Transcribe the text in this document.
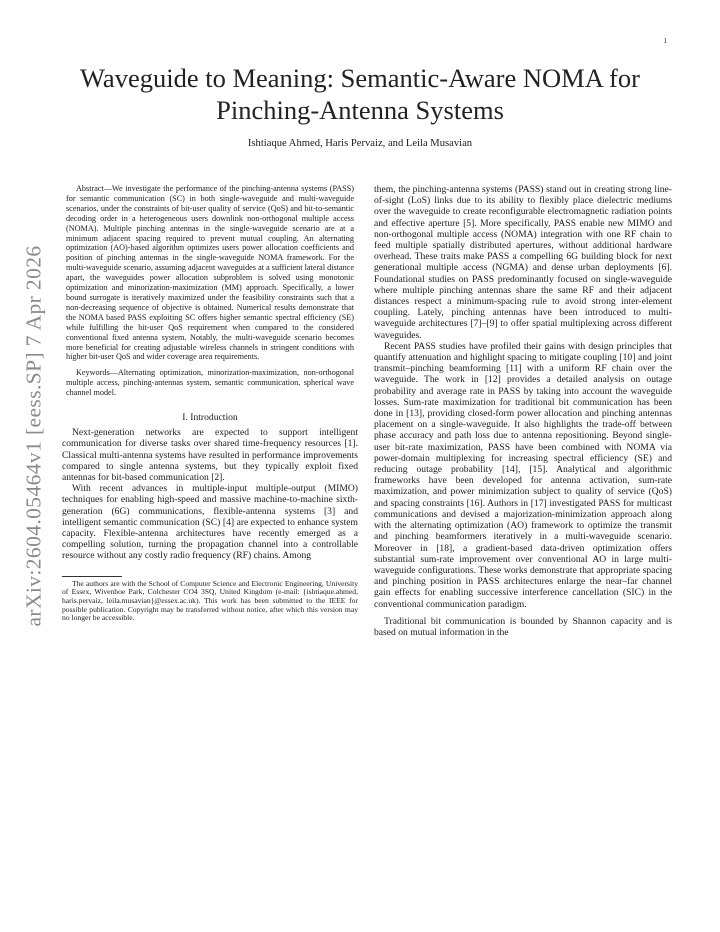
1
arXiv:2604.05464v1 [eess.SP] 7 Apr 2026
Waveguide to Meaning: Semantic-Aware NOMA for Pinching-Antenna Systems
Ishtiaque Ahmed, Haris Pervaiz, and Leila Musavian

Abstract—We investigate the performance of the pinching-antenna systems (PASS) for semantic communication (SC) in both single-waveguide and multi-waveguide scenarios, under the constraints of bit-user quality of service (QoS) and bit-to-semantic decoding order in a heterogeneous users downlink non-orthogonal multiple access (NOMA). Multiple pinching antennas in the single-waveguide scenario are at a minimum adjacent spacing required to prevent mutual coupling. An alternating optimization (AO)-based algorithm optimizes users power allocation coefficients and position of pinching antennas in the single-waveguide NOMA framework. For the multi-waveguide scenario, assuming adjacent waveguides at a sufficient lateral distance apart, the waveguides power allocation subproblem is solved using monotonic optimization and minorization-maximization (MM) approach. Specifically, a lower bound surrogate is iteratively maximized under the feasibility constraints such that a non-decreasing sequence of objective is obtained. Numerical results demonstrate that the NOMA based PASS exploiting SC offers higher semantic spectral efficiency (SE) while fulfilling the bit-user QoS requirement when compared to the considered conventional fixed antenna system. Notably, the multi-waveguide scenario becomes more beneficial for creating adjustable wireless channels in stringent conditions with higher bit-user QoS and wider coverage area requirements.

Keywords—Alternating optimization, minorization-maximization, non-orthogonal multiple access, pinching-antennas system, semantic communication, spherical wave channel model.

I. Introduction

Next-generation networks are expected to support intelligent communication for diverse tasks over shared time-frequency resources [1]. Classical multi-antenna systems have resulted in performance improvements compared to single antenna systems, but they typically exploit fixed antennas for bit-based communication [2].

With recent advances in multiple-input multiple-output (MIMO) techniques for enabling high-speed and massive machine-to-machine sixth-generation (6G) communications, flexible-antenna systems [3] and intelligent semantic communication (SC) [4] are expected to enhance system capacity. Flexible-antenna architectures have recently emerged as a compelling solution, turning the propagation channel into a controllable resource without any costly radio frequency (RF) chains. Among

The authors are with the School of Computer Science and Electronic Engineering, University of Essex, Wivenhoe Park, Colchester CO4 3SQ, United Kingdom (e-mail: {ishtiaque.ahmed, haris.pervaiz, leila.musavian}@essex.ac.uk). This work has been submitted to the IEEE for possible publication. Copyright may be transferred without notice, after which this version may no longer be accessible.

them, the pinching-antenna systems (PASS) stand out in creating strong line-of-sight (LoS) links due to its ability to flexibly place dielectric mediums over the waveguide to create reconfigurable electromagnetic radiation points and effective aperture [5]. More specifically, PASS enable new MIMO and non-orthogonal multiple access (NOMA) integration with one RF chain to feed multiple spatially distributed apertures, without additional hardware overhead. These traits make PASS a compelling 6G building block for next generational multiple access (NGMA) and dense urban deployments [6]. Foundational studies on PASS predominantly focused on single-waveguide where multiple pinching antennas share the same RF and their adjacent distances respect a minimum-spacing rule to avoid strong inter-element coupling. Lately, pinching antennas have been introduced to multi-waveguide architectures [7]–[9] to offer spatial multiplexing across different waveguides.

Recent PASS studies have profiled their gains with design principles that quantify attenuation and highlight spacing to mitigate coupling [10] and joint transmit–pinching beamforming [11] with a uniform RF chain over the waveguide. The work in [12] provides a detailed analysis on outage probability and average rate in PASS by taking into account the waveguide losses. Sum-rate maximization for traditional bit communication has been done in [13], providing closed-form power allocation and pinching antennas placement on a single-waveguide. It also highlights the trade-off between phase accuracy and path loss due to antenna repositioning. Beyond single-user bit-rate maximization, PASS have been combined with NOMA via power-domain multiplexing for increasing spectral efficiency (SE) and reducing outage probability [14], [15]. Analytical and algorithmic frameworks have been developed for antenna activation, sum-rate maximization, and power minimization subject to quality of service (QoS) and spacing constraints [16]. Authors in [17] investigated PASS for multicast communications and devised a majorization-minimization approach along with the alternating optimization (AO) framework to optimize the transmit and pinching beamformers iteratively in a multi-waveguide scenario. Moreover in [18], a gradient-based data-driven optimization offers substantial sum-rate improvement over conventional AO in large multi-waveguide configurations. These works demonstrate that appropriate spacing and pinching position in PASS architectures enlarge the near–far channel gain effects for enabling successive interference cancellation (SIC) in the conventional communication paradigm.

Traditional bit communication is bounded by Shannon capacity and is based on mutual information in the
